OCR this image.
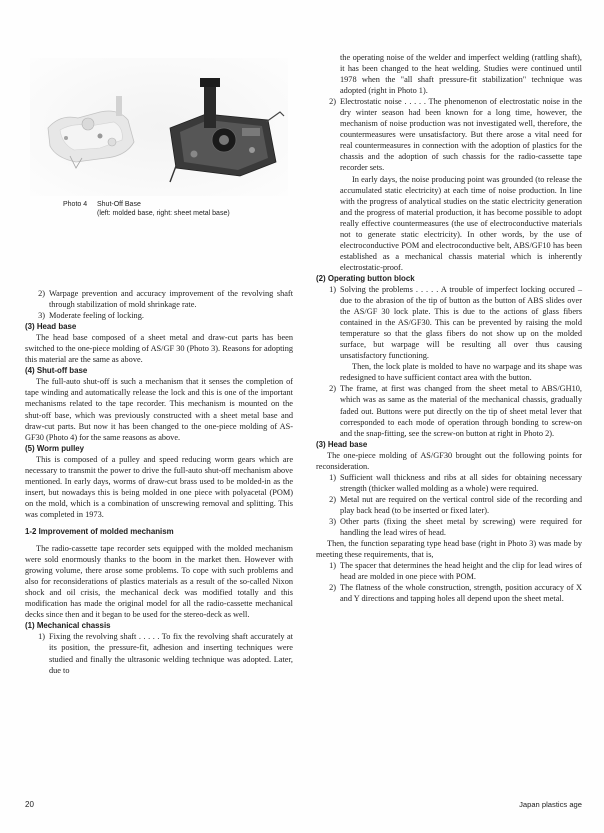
Photo 4 Shut-Off Base
(left: molded base, right: sheet metal base)
2) Warpage prevention and accuracy improvement of the revolving shaft through stabilization of mold shrinkage rate.
3) Moderate feeling of locking.

(3) Head base

The head base composed of a sheet metal and draw-cut parts has been switched to the one-piece molding of AS/GF 30 (Photo 3). Reasons for adopting this material are the same as above.

(4) Shut-off base

The full-auto shut-off is such a mechanism that it senses the completion of tape winding and automatically release the lock and this is one of the important mechanisms related to the tape recorder. This mechanism is mounted on the shut-off base, which was previously constructed with a sheet metal base and draw-cut parts. But now it has been changed to the one-piece molding of AS-GF30 (Photo 4) for the same reasons as above.

(5) Worm pulley

This is composed of a pulley and speed reducing worm gears which are necessary to transmit the power to drive the full-auto shut-off mechanism above mentioned. In early days, worms of draw-cut brass used to be molded-in as the insert, but nowadays this is being molded in one piece with polyacetal (POM) on the mold, which is a combination of unscrewing removal and splitting. This was completed in 1973.

1-2 Improvement of molded mechanism

The radio-cassette tape recorder sets equipped with the molded mechanism were sold enormously thanks to the boom in the market then. However with growing volume, there arose some problems. To cope with such problems and also for reconsiderations of plastics materials as a result of the so-called Nixon shock and oil crisis, the mechanical deck was modified totally and this modification has made the original model for all the radio-cassette mechanical decks since then and it began to be used for the stereo-deck as well.

(1) Mechanical chassis

1) Fixing the revolving shaft . . . . . To fix the revolving shaft accurately at its position, the pressure-fit, adhesion and inserting techniques were studied and finally the ultrasonic welding technique was adopted. Later, due to

the operating noise of the welder and imperfect welding (rattling shaft), it has been changed to the heat welding. Studies were continued until 1978 when the "all shaft pressure-fit stabilization" technique was adopted (right in Photo 1).

2) Electrostatic noise . . . . . The phenomenon of electrostatic noise in the dry winter season had been known for a long time, however, the mechanism of noise production was not investigated well, therefore, the countermeasures were unsatisfactory. But there arose a vital need for real countermeasures in connection with the adoption of plastics for the chassis and the adoption of such chassis for the radio-cassette tape recorder sets.

In early days, the noise producing point was grounded (to release the accumulated static electricity) at each time of noise production. In line with the progress of analytical studies on the static electricity generation and the progress of material production, it has become possible to adopt really effective countermeasures (the use of electroconductive materials not to generate static electricity). In other words, by the use of electroconductive POM and electroconductive belt, ABS/GF10 has been established as a mechanical chassis material which is inherently electrostatic-proof.

(2) Operating button block

1) Solving the problems . . . . . A trouble of imperfect locking occured – due to the abrasion of the tip of button as the button of ABS slides over the AS/GF 30 lock plate. This is due to the actions of glass fibers contained in the AS/GF30. This can be prevented by raising the mold temperature so that the glass fibers do not show up on the molded surface, but warpage will be resulting all over thus causing unsatisfactory functioning.

Then, the lock plate is molded to have no warpage and its shape was redesigned to have sufficient contact area with the button.

2) The frame, at first was changed from the sheet metal to ABS/GH10, which was as same as the material of the mechanical chassis, gradually faded out. Buttons were put directly on the tip of sheet metal lever that corresponded to each mode of operation through bonding to screw-on and the snap-fitting, see the screw-on button at right in Photo 2).

(3) Head base

The one-piece molding of AS/GF30 brought out the following points for reconsideration.

1) Sufficient wall thickness and ribs at all sides for obtaining necessary strength (thicker walled molding as a whole) were required.
2) Metal nut are required on the vertical control side of the recording and play back head (to be inserted or fixed later).
3) Other parts (fixing the sheet metal by screwing) were required for handling the lead wires of head.

Then, the function separating type head base (right in Photo 3) was made by meeting these requirements, that is,

1) The spacer that determines the head height and the clip for lead wires of head are molded in one piece with POM.
2) The flatness of the whole construction, strength, position accuracy of X and Y directions and tapping holes all depend upon the sheet metal.
20	Japan plastics age
